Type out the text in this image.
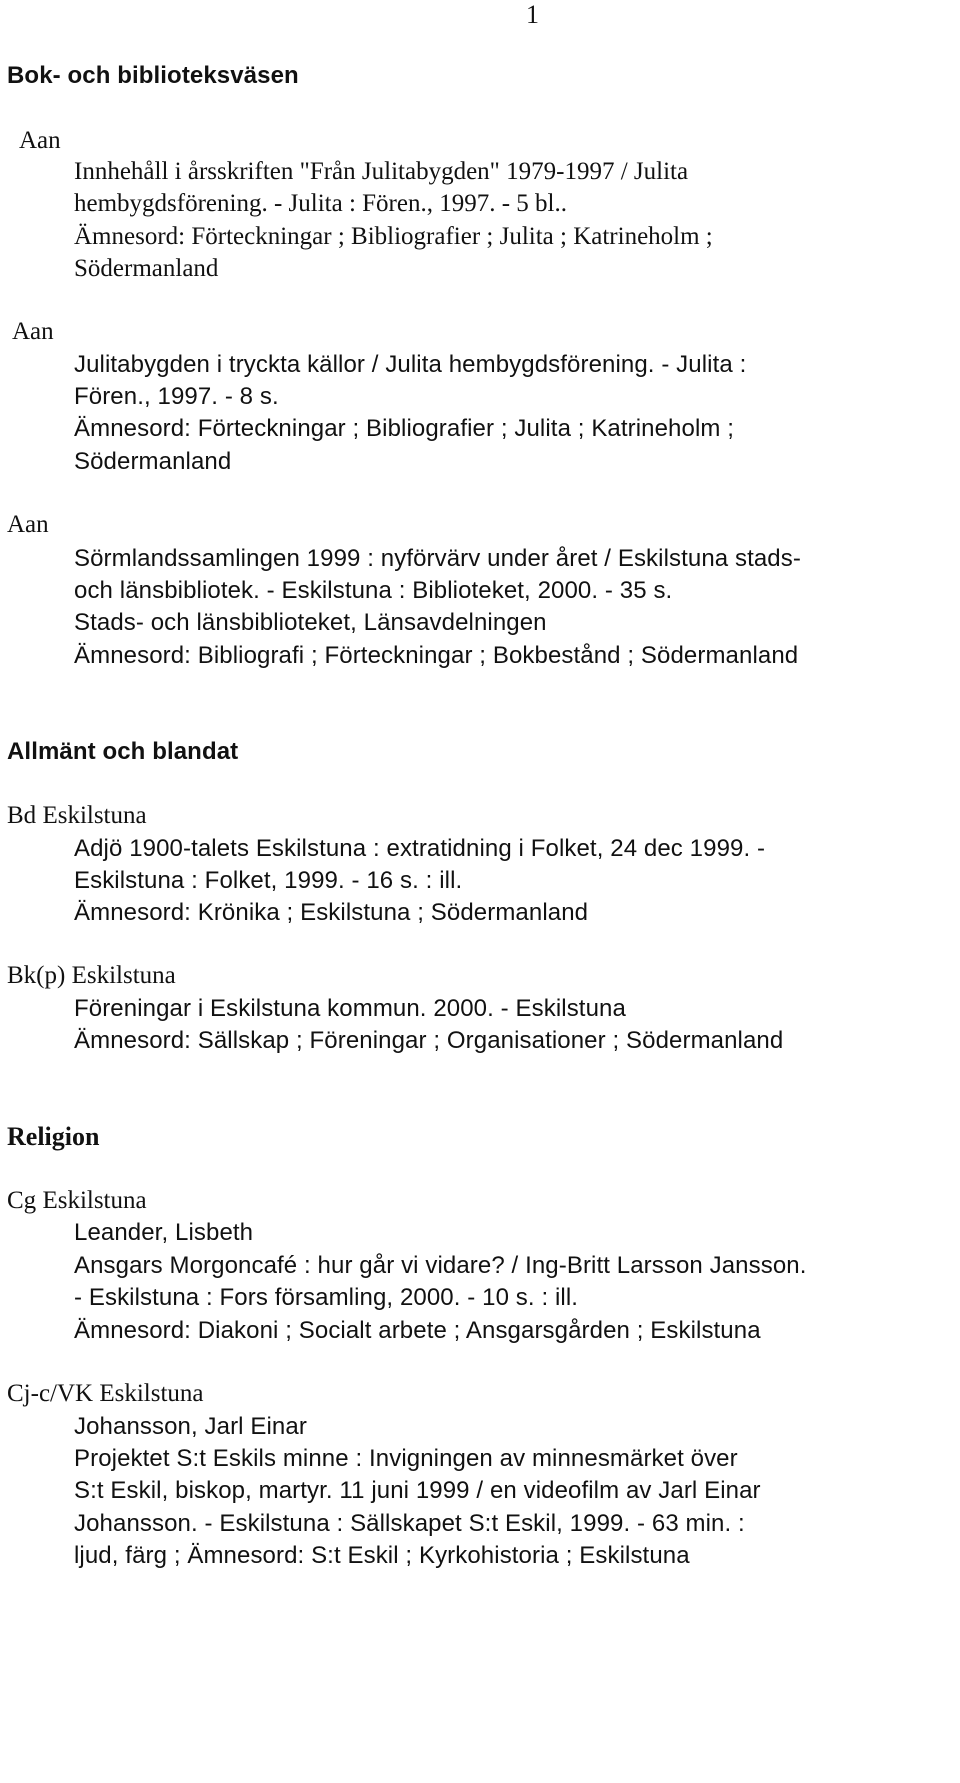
1
Bok- och biblioteksväsen
Aan
Innhehåll i årsskriften "Från Julitabygden" 1979-1997 / Julita
hembygdsförening. - Julita : Fören., 1997. - 5 bl..
Ämnesord: Förteckningar ; Bibliografier ; Julita ; Katrineholm ;
Södermanland
Aan
Julitabygden i tryckta källor / Julita hembygdsförening. - Julita :
Fören., 1997. - 8 s.
Ämnesord: Förteckningar ; Bibliografier ; Julita ; Katrineholm ;
Södermanland
Aan
Sörmlandssamlingen 1999 : nyförvärv under året / Eskilstuna stads-
och länsbibliotek. - Eskilstuna : Biblioteket, 2000. - 35 s.
Stads- och länsbiblioteket, Länsavdelningen
Ämnesord: Bibliografi ; Förteckningar ; Bokbestånd ; Södermanland
Allmänt och blandat
Bd Eskilstuna
Adjö 1900-talets Eskilstuna : extratidning i Folket, 24 dec 1999. -
Eskilstuna : Folket, 1999. - 16 s. : ill.
Ämnesord: Krönika ; Eskilstuna ; Södermanland
Bk(p) Eskilstuna
Föreningar i Eskilstuna kommun. 2000. - Eskilstuna
Ämnesord: Sällskap ; Föreningar ; Organisationer ; Södermanland
Religion
Cg Eskilstuna
Leander, Lisbeth
Ansgars Morgoncafé : hur går vi vidare? / Ing-Britt Larsson Jansson.
- Eskilstuna : Fors församling, 2000. - 10 s. : ill.
Ämnesord: Diakoni ; Socialt arbete ; Ansgarsgården ; Eskilstuna
Cj-c/VK Eskilstuna
Johansson, Jarl Einar
Projektet S:t Eskils minne : Invigningen av minnesmärket över
S:t Eskil, biskop, martyr. 11 juni 1999 / en videofilm av Jarl Einar
Johansson. - Eskilstuna : Sällskapet S:t Eskil, 1999. - 63 min. :
ljud, färg ; Ämnesord: S:t Eskil ; Kyrkohistoria ; Eskilstuna
